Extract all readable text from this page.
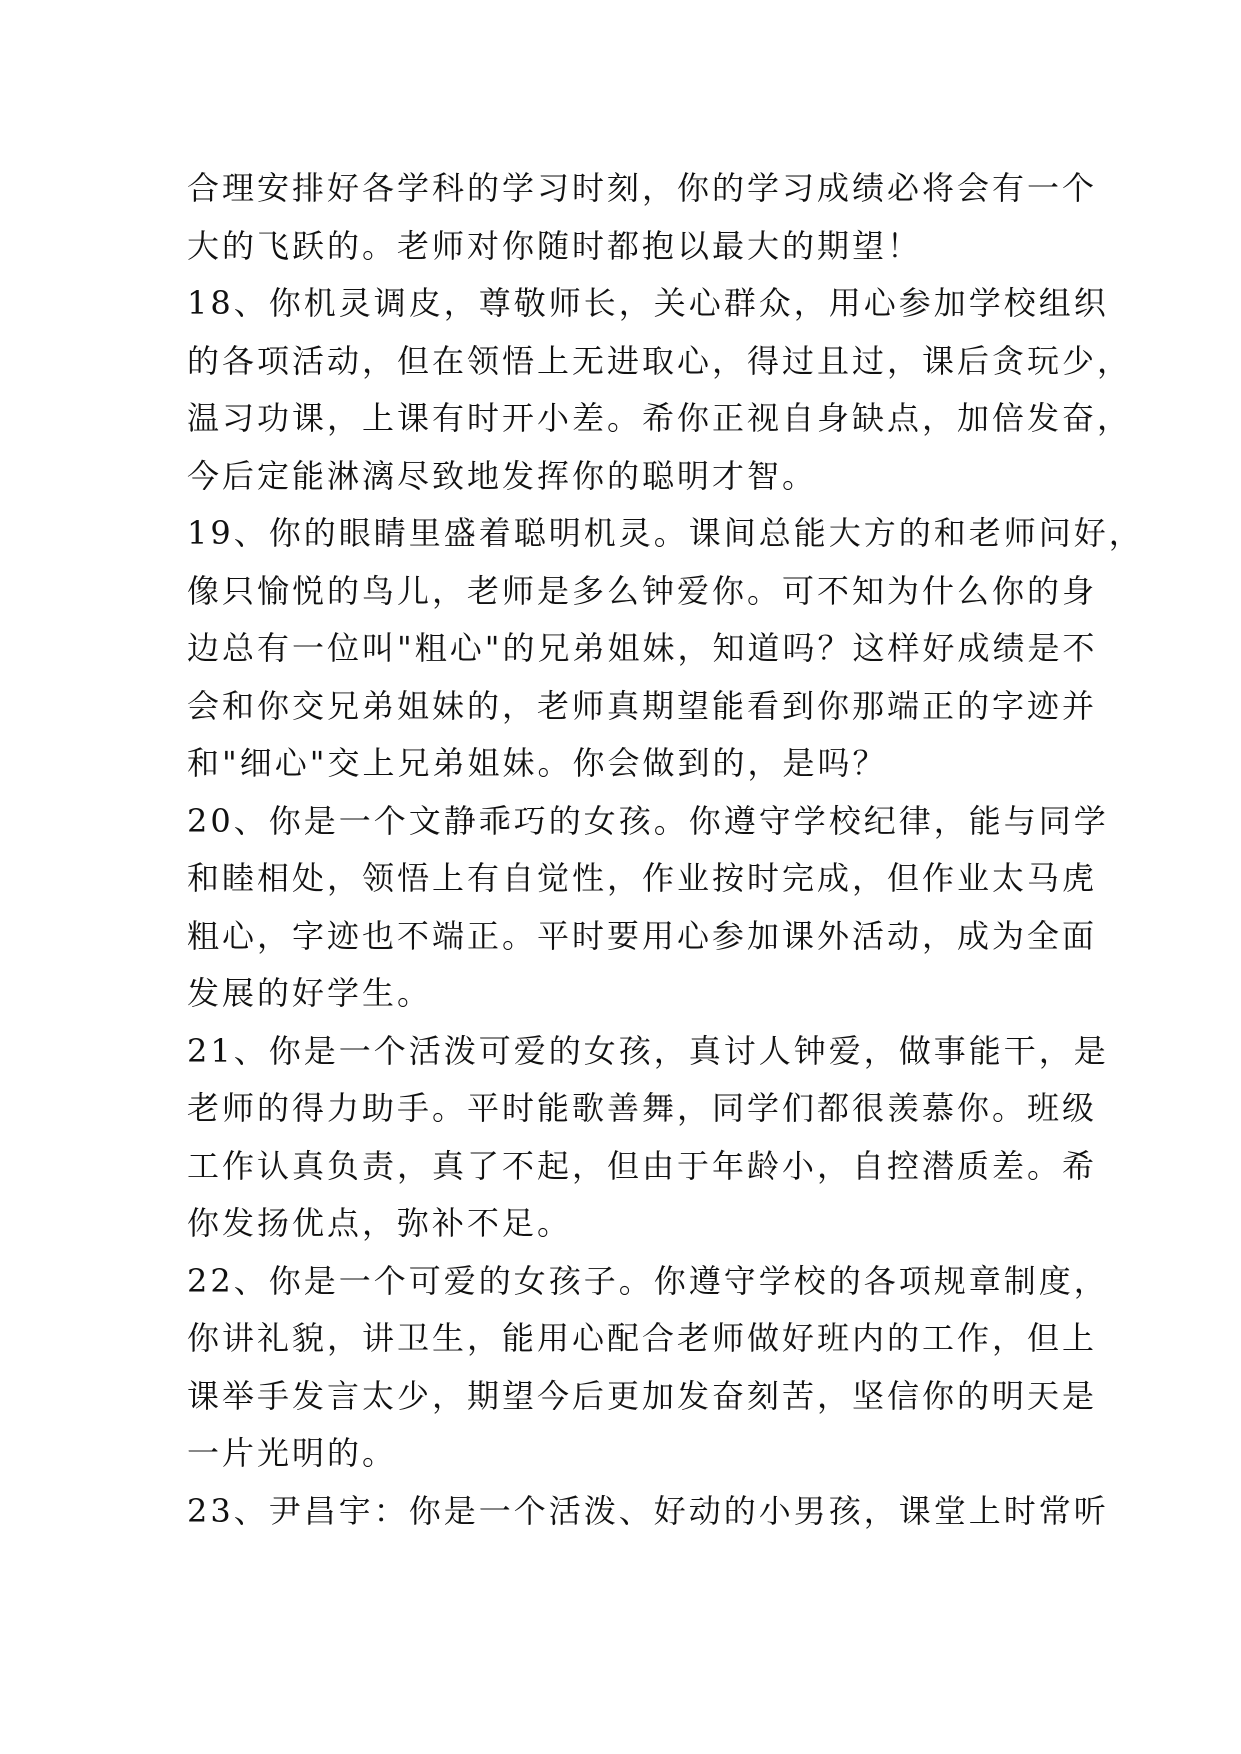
合理安排好各学科的学习时刻，你的学习成绩必将会有一个
大的飞跃的。老师对你随时都抱以最大的期望！
18、你机灵调皮，尊敬师长，关心群众，用心参加学校组织
的各项活动，但在领悟上无进取心，得过且过，课后贪玩少，
温习功课，上课有时开小差。希你正视自身缺点，加倍发奋，
今后定能淋漓尽致地发挥你的聪明才智。
19、你的眼睛里盛着聪明机灵。课间总能大方的和老师问好，
像只愉悦的鸟儿，老师是多么钟爱你。可不知为什么你的身
边总有一位叫"粗心"的兄弟姐妹，知道吗？这样好成绩是不
会和你交兄弟姐妹的，老师真期望能看到你那端正的字迹并
和"细心"交上兄弟姐妹。你会做到的，是吗？
20、你是一个文静乖巧的女孩。你遵守学校纪律，能与同学
和睦相处，领悟上有自觉性，作业按时完成，但作业太马虎
粗心，字迹也不端正。平时要用心参加课外活动，成为全面
发展的好学生。
21、你是一个活泼可爱的女孩，真讨人钟爱，做事能干，是
老师的得力助手。平时能歌善舞，同学们都很羡慕你。班级
工作认真负责，真了不起，但由于年龄小，自控潜质差。希
你发扬优点，弥补不足。
22、你是一个可爱的女孩子。你遵守学校的各项规章制度，
你讲礼貌，讲卫生，能用心配合老师做好班内的工作，但上
课举手发言太少，期望今后更加发奋刻苦，坚信你的明天是
一片光明的。
23、尹昌宇：你是一个活泼、好动的小男孩，课堂上时常听
